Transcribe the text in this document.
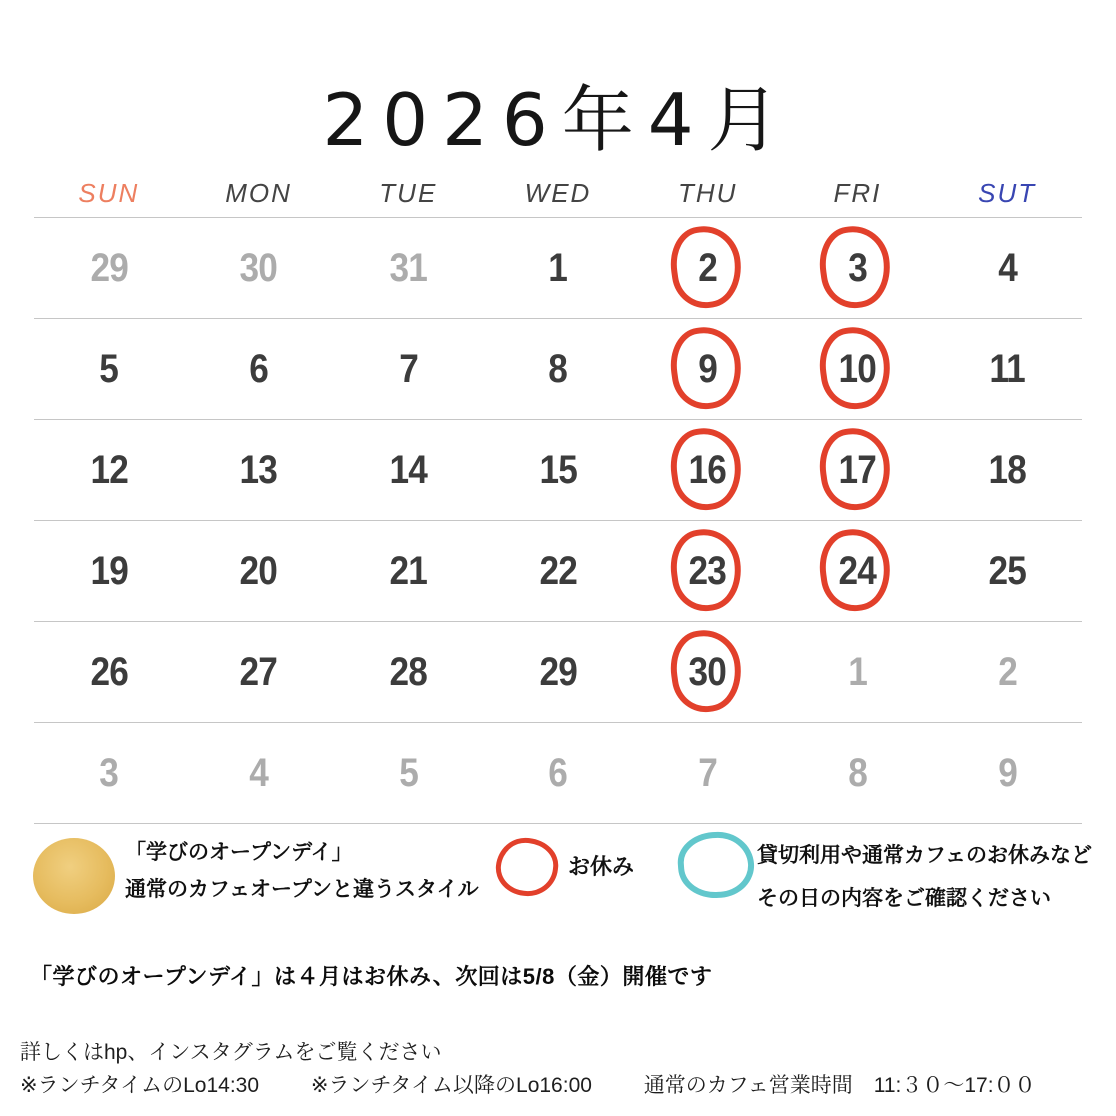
2026年4月
SUN	MON	TUE	WED	THU	FRI	SUT
29	30	31	1	2	3	4
5	6	7	8	9	10	11
12	13	14	15	16	17	18
19	20	21	22	23	24	25
26	27	28	29	30	1	2
3	4	5	6	7	8	9
「学びのオープンデイ」
通常のカフェオープンと違うスタイル
お休み	貸切利用や通常カフェのお休みなど
その日の内容をご確認ください
「学びのオープンデイ」は４月はお休み、次回は5/8（金）開催です
詳しくはhp、インスタグラムをご覧ください
※ランチタイムのLo14:30 ※ランチタイム以降のLo16:00 通常のカフェ営業時間　11:３０〜17:００
